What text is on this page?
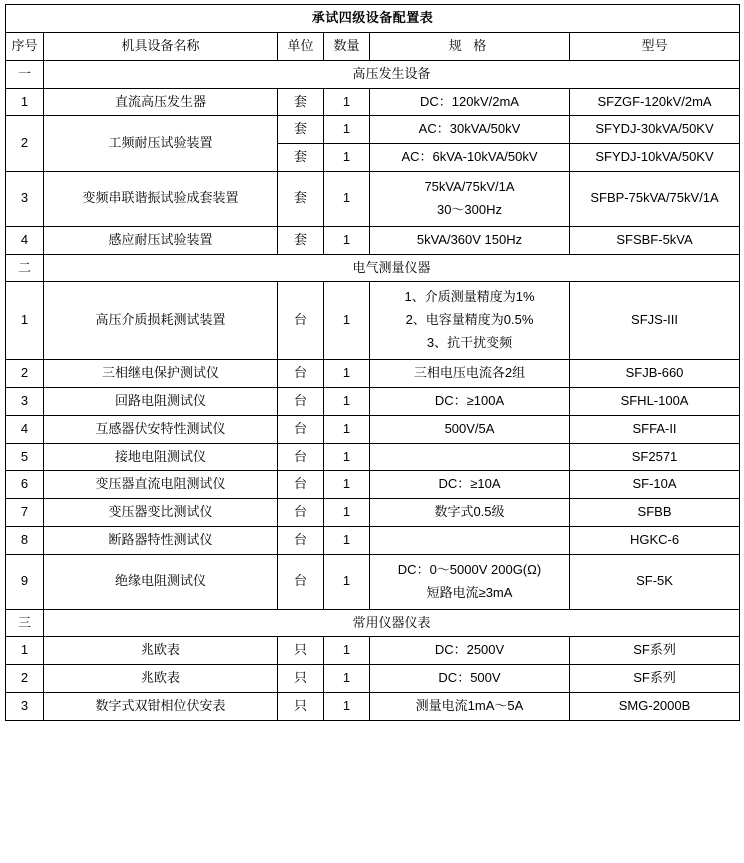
承试四级设备配置表					
序号	机具设备名称	单位	数量	规 格	型号
一	高压发生设备				
1	直流高压发生器	套	1	DC：120kV/2mA	SFZGF-120kV/2mA
2	工频耐压试验装置	套	1	AC：30kVA/50kV	SFYDJ-30kVA/50KV
		套	1	AC：6kVA-10kVA/50kV	SFYDJ-10kVA/50KV
3	变频串联谐振试验成套装置	套	1	75kVA/75kV/1A
30～300Hz	SFBP-75kVA/75kV/1A
4	感应耐压试验装置	套	1	5kVA/360V 150Hz	SFSBF-5kVA
二	电气测量仪器				
1	高压介质损耗测试装置	台	1	1、介质测量精度为1%
2、电容量精度为0.5%
3、抗干扰变频	SFJS-III
2	三相继电保护测试仪	台	1	三相电压电流各2组	SFJB-660
3	回路电阻测试仪	台	1	DC：≥100A	SFHL-100A
4	互感器伏安特性测试仪	台	1	500V/5A	SFFA-II
5	接地电阻测试仪	台	1		SF2571
6	变压器直流电阻测试仪	台	1	DC：≥10A	SF-10A
7	变压器变比测试仪	台	1	数字式0.5级	SFBB
8	断路器特性测试仪	台	1		HGKC-6
9	绝缘电阻测试仪	台	1	DC：0～5000V 200G(Ω)
短路电流≥3mA	SF-5K
三	常用仪器仪表				
1	兆欧表	只	1	DC：2500V	SF系列
2	兆欧表	只	1	DC：500V	SF系列
3	数字式双钳相位伏安表	只	1	测量电流1mA～5A	SMG-2000B
